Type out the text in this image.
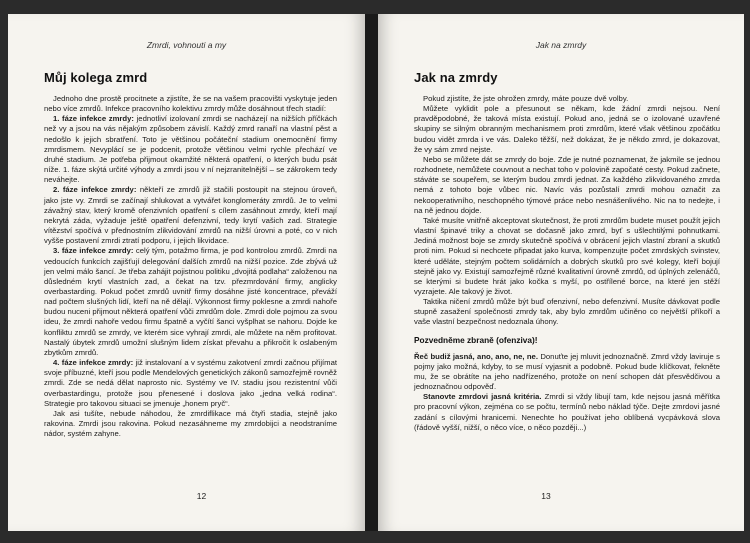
Zmrdi, vohnouti a my
Můj kolega zmrd

Jednoho dne prostě procitnete a zjistíte, že se na vašem pracovišti vyskytuje jeden nebo více zmrdů. Infekce pracovního kolektivu zmrdy může dosáhnout třech stadií:

1. fáze infekce zmrdy: jednotliví izolovaní zmrdi se nacházejí na nižších příčkách než vy a jsou na vás nějakým způsobem závislí. Každý zmrd ranaří na vlastní pěst a nedošlo k jejich sbratření. Toto je většinou počáteční stadium onemocnění firmy zmrdismem. Nevyplácí se je podcenit, protože většinou velmi rychle přechází ve druhé stadium. Je potřeba přijmout okamžité některá opatření, o kterých budu psát níže. 1. fáze skýtá určité výhody a zmrdi jsou v ní nejzranitelnější – se zákrokem tedy neváhejte.

2. fáze infekce zmrdy: někteří ze zmrdů již stačili postoupit na stejnou úroveň, jako jste vy. Zmrdi se začínají shlukovat a vytvářet konglomeráty zmrdů. Je to velmi závažný stav, který kromě ofenzivních opatření s cílem zasáhnout zmrdy, kteří mají nekrytá záda, vyžaduje ještě opatření defenzivní, tedy krytí vašich zad. Strategie vítězství spočívá v přednostním zlikvidování zmrdů na nižší úrovni a poté, co v nich vyšše postavení zmrdi ztratí podporu, i jejich likvidace.

3. fáze infekce zmrdy: celý tým, potažmo firma, je pod kontrolou zmrdů. Zmrdi na vedoucích funkcích zajišťují delegování dalších zmrdů na nižší pozice. Zde zbývá už jen velmi málo šancí. Je třeba zahájit pojistnou politiku „dvojitá podlaha“ založenou na důsledném krytí vlastních zad, a čekat na tzv. přezmrdování firmy, anglicky overbastarding. Pokud počet zmrdů uvnitř firmy dosáhne jisté koncentrace, převáží nad počtem slušných lidí, kteří na ně dělají. Výkonnost firmy poklesne a zmrdi nahoře budou nuceni přijmout některá opatření vůči zmrdům dole. Zmrdi dole pojmou za svou ideu, že zmrdi nahoře vedou firmu špatně a vyčítí šanci vyšplhat se nahoru. Dojde ke konfliktu zmrdů se zmrdy, ve kterém sice vyhrají zmrdi, ale můžete na něm profitovat. Nastalý úbytek zmrdů umožní slušným lidem získat převahu a přikročit k oslabeným zbytkům zmrdů.

4. fáze infekce zmrdy: již instalovaní a v systému zakotvení zmrdi začnou přijímat svoje příbuzné, kteří jsou podle Mendelových genetických zákonů samozřejmě rovněž zmrdi. Zde se nedá dělat naprosto nic. Systémy ve IV. stadiu jsou rezistentní vůči overbastardingu, protože jsou přenesené i doslova jako „jedna velká rodina“. Strategie pro takovou situaci se jmenuje „honem pryč“.

Jak asi tušíte, nebude náhodou, že zmrdiflikace má čtyři stadia, stejně jako rakovina. Zmrdi jsou rakovina. Pokud nezasáhneme my zmrdobijci a neodstraníme nádor, systém zahyne.

12
Jak na zmrdy
Jak na zmrdy

Pokud zjistíte, že jste ohrožen zmrdy, máte pouze dvě volby.

Můžete vyklidit pole a přesunout se někam, kde žádní zmrdi nejsou. Není pravděpodobné, že taková místa existují. Pokud ano, jedná se o izolované uzavřené skupiny se silným obranným mechanismem proti zmrdům, které však většinou zpočátku budou vidět zmrda i ve vás. Daleko těžší, než dokázat, že je někdo zmrd, je dokazovat, že vy sám zmrd nejste.

Nebo se můžete dát se zmrdy do boje. Zde je nutné poznamenat, že jakmile se jednou rozhodnete, nemůžete couvnout a nechat toho v polovině započaté cesty. Pokud začnete, stáváte se soupeřem, se kterým budou zmrdi jednat. Za každého zlikvidovaného zmrda nemá z tohoto boje vůbec nic. Navíc vás pozůstalí zmrdi mohou označit za nekooperativního, neschopného týmové práce nebo nesnášenlivého. Nic na to nedejte, i na ně jednou dojde.

Také musíte vnitřně akceptovat skutečnost, že proti zmrdům budete muset použít jejich vlastní špinavé triky a chovat se dočasně jako zmrd, byť s ušlechtilými pohnutkami. Jediná možnost boje se zmrdy skutečně spočívá v obrácení jejich vlastní zbraní a skutků proti nim. Pokud si nechcete připadat jako kurva, kompenzujte počet zmrdských svinstev, které uděláte, stejným počtem solidárních a dobrých skutků pro své kolegy, kteří bojují stejně jako vy. Existují samozřejmě různé kvalitativní úrovně zmrdů, od úplných zelenáčů, se kterými si budete hrát jako kočka s myší, po ostřílené borce, na které jen stěží vyzrajete. Ale takový je život.

Taktika ničení zmrdů může být buď ofenzivní, nebo defenzivní. Musíte dávkovat podle stupně zasažení společnosti zmrdy tak, aby bylo zmrdům učiněno co největší příkoří a vaše vlastní bezpečnost nedoznala úhony.

Pozvedněme zbraně (ofenziva)!

Řeč budiž jasná, ano, ano, ne, ne. Donuťte jej mluvit jednoznačně. Zmrd vždy laviruje s pojmy jako možná, kdyby, to se musí vyjasnit a podobně. Pokud bude klíčkovat, řekněte mu, že se obrátíte na jeho nadřízeného, protože on není schopen dát přesvědčivou a jednoznačnou odpověď.

Stanovte zmrdovi jasná kritéria. Zmrdi si vždy libují tam, kde nejsou jasná měřítka pro pracovní výkon, zejména co se počtu, termínů nebo náklad týče. Dejte zmrdovi jasné zadání s cílovými hranicemi. Nenechte ho používat jeho oblíbená vycpávková slova (řádově vyšší, nižší, o něco více, o něco později...)

13
